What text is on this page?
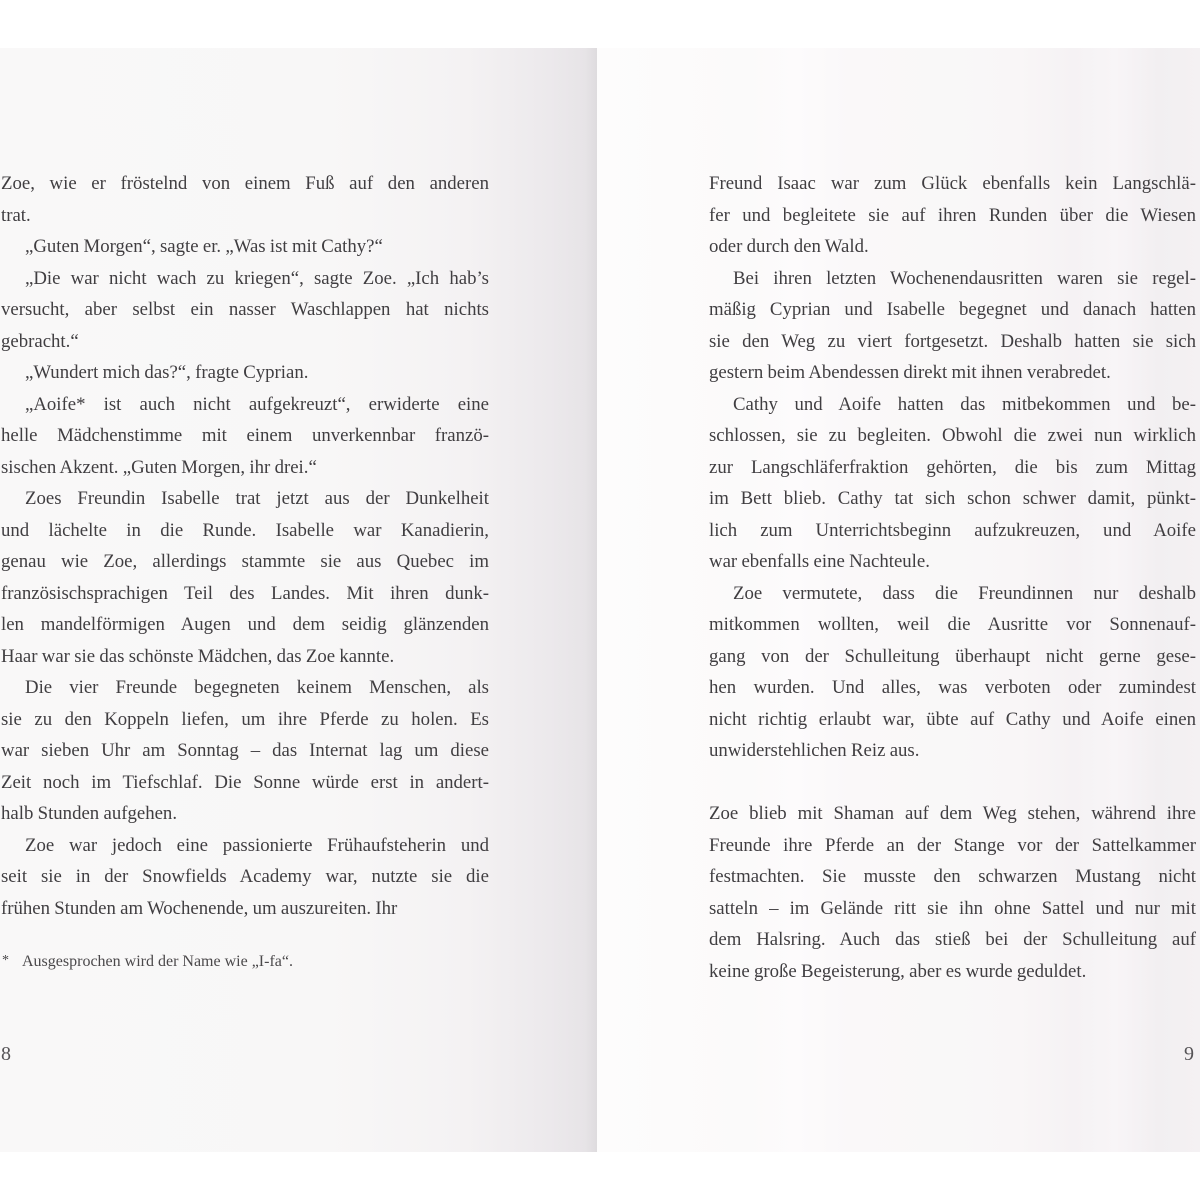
Zoe, wie er fröstelnd von einem Fuß auf den anderen
trat.
„Guten Morgen“, sagte er. „Was ist mit Cathy?“
„Die war nicht wach zu kriegen“, sagte Zoe. „Ich hab’s
versucht, aber selbst ein nasser Waschlappen hat nichts
gebracht.“
„Wundert mich das?“, fragte Cyprian.
„Aoife* ist auch nicht aufgekreuzt“, erwiderte eine
helle Mädchenstimme mit einem unverkennbar franzö-
sischen Akzent. „Guten Morgen, ihr drei.“
Zoes Freundin Isabelle trat jetzt aus der Dunkelheit
und lächelte in die Runde. Isabelle war Kanadierin,
genau wie Zoe, allerdings stammte sie aus Quebec im
französischsprachigen Teil des Landes. Mit ihren dunk-
len mandelförmigen Augen und dem seidig glänzenden
Haar war sie das schönste Mädchen, das Zoe kannte.
Die vier Freunde begegneten keinem Menschen, als
sie zu den Koppeln liefen, um ihre Pferde zu holen. Es
war sieben Uhr am Sonntag – das Internat lag um diese
Zeit noch im Tiefschlaf. Die Sonne würde erst in andert-
halb Stunden aufgehen.
Zoe war jedoch eine passionierte Frühaufsteherin und
seit sie in der Snowfields Academy war, nutzte sie die
frühen Stunden am Wochenende, um auszureiten. Ihr
* Ausgesprochen wird der Name wie „I-fa“.
8
Freund Isaac war zum Glück ebenfalls kein Langschlä-
fer und begleitete sie auf ihren Runden über die Wiesen
oder durch den Wald.
Bei ihren letzten Wochenendausritten waren sie regel-
mäßig Cyprian und Isabelle begegnet und danach hatten
sie den Weg zu viert fortgesetzt. Deshalb hatten sie sich
gestern beim Abendessen direkt mit ihnen verabredet.
Cathy und Aoife hatten das mitbekommen und be-
schlossen, sie zu begleiten. Obwohl die zwei nun wirklich
zur Langschläferfraktion gehörten, die bis zum Mittag
im Bett blieb. Cathy tat sich schon schwer damit, pünkt-
lich zum Unterrichtsbeginn aufzukreuzen, und Aoife
war ebenfalls eine Nachteule.
Zoe vermutete, dass die Freundinnen nur deshalb
mitkommen wollten, weil die Ausritte vor Sonnenauf-
gang von der Schulleitung überhaupt nicht gerne gese-
hen wurden. Und alles, was verboten oder zumindest
nicht richtig erlaubt war, übte auf Cathy und Aoife einen
unwiderstehlichen Reiz aus.
Zoe blieb mit Shaman auf dem Weg stehen, während ihre
Freunde ihre Pferde an der Stange vor der Sattelkammer
festmachten. Sie musste den schwarzen Mustang nicht
satteln – im Gelände ritt sie ihn ohne Sattel und nur mit
dem Halsring. Auch das stieß bei der Schulleitung auf
keine große Begeisterung, aber es wurde geduldet.
9
